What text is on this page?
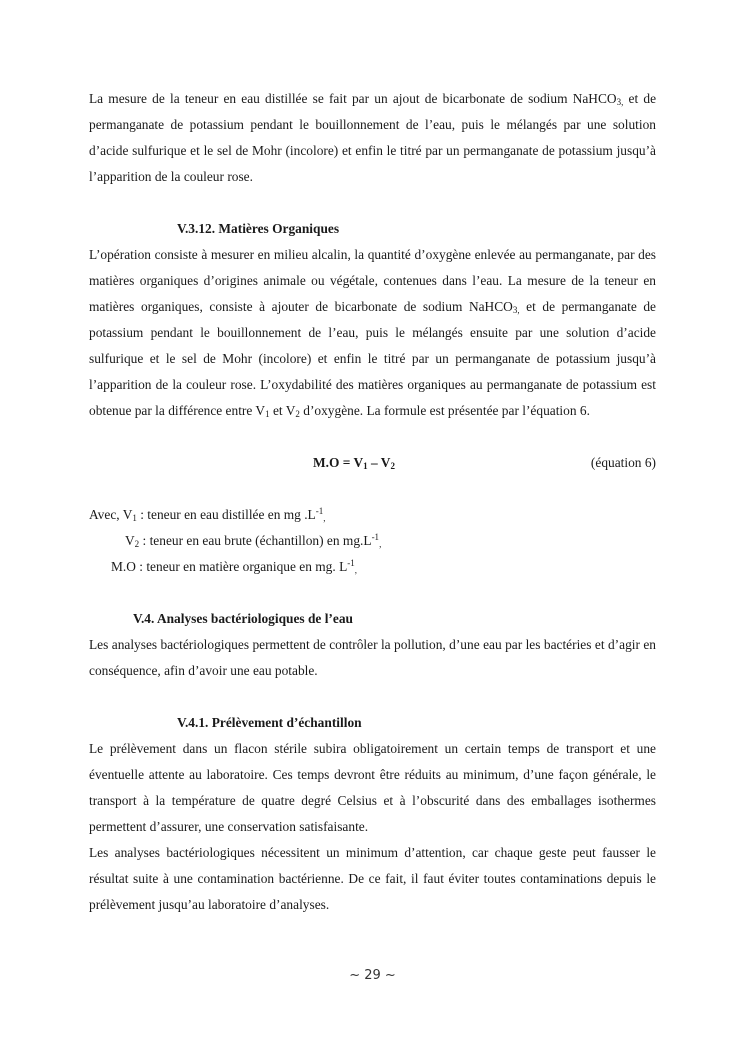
La mesure de la teneur en eau distillée se fait par un ajout de bicarbonate de sodium NaHCO$_{3,}$ et de permanganate de potassium pendant le bouillonnement de l’eau, puis le mélangés par une solution d’acide sulfurique et le sel de Mohr (incolore) et enfin le titré par un permanganate de potassium jusqu’à l’apparition de la couleur rose.

V.3.12. Matières Organiques

L’opération consiste à mesurer en milieu alcalin, la quantité d’oxygène enlevée au permanganate, par des matières organiques d’origines animale ou végétale, contenues dans l’eau. La mesure de la teneur en matières organiques, consiste à ajouter de bicarbonate de sodium NaHCO$_{3,}$ et de permanganate de potassium pendant le bouillonnement de l’eau, puis le mélangés ensuite par une solution d’acide sulfurique et le sel de Mohr (incolore) et enfin le titré par un permanganate de potassium jusqu’à l’apparition de la couleur rose. L’oxydabilité des matières organiques au permanganate de potassium est obtenue par la différence entre $V_1$ et $V_2$ d’oxygène. La formule est présentée par l’équation 6.

$M.O = V_1 - V_2$	(équation 6)
Avec, $V_1$ : teneur en eau distillée en mg $.L^{-1}_,$
$V_2$ : teneur en eau brute (échantillon) en $mg.L^{-1}_,$
M.O : teneur en matière organique en mg. $L^{-1}_,$
V.4. Analyses bactériologiques de l’eau

Les analyses bactériologiques permettent de contrôler la pollution, d’une eau par les bactéries et d’agir en conséquence, afin d’avoir une eau potable.

V.4.1. Prélèvement d’échantillon

Le prélèvement dans un flacon stérile subira obligatoirement un certain temps de transport et une éventuelle attente au laboratoire. Ces temps devront être réduits au minimum, d’une façon générale, le transport à la température de quatre degré Celsius et à l’obscurité dans des emballages isothermes permettent d’assurer, une conservation satisfaisante.

Les analyses bactériologiques nécessitent un minimum d’attention, car chaque geste peut fausser le résultat suite à une contamination bactérienne. De ce fait, il faut éviter toutes contaminations depuis le prélèvement jusqu’au laboratoire d’analyses.

~ 29 ~
